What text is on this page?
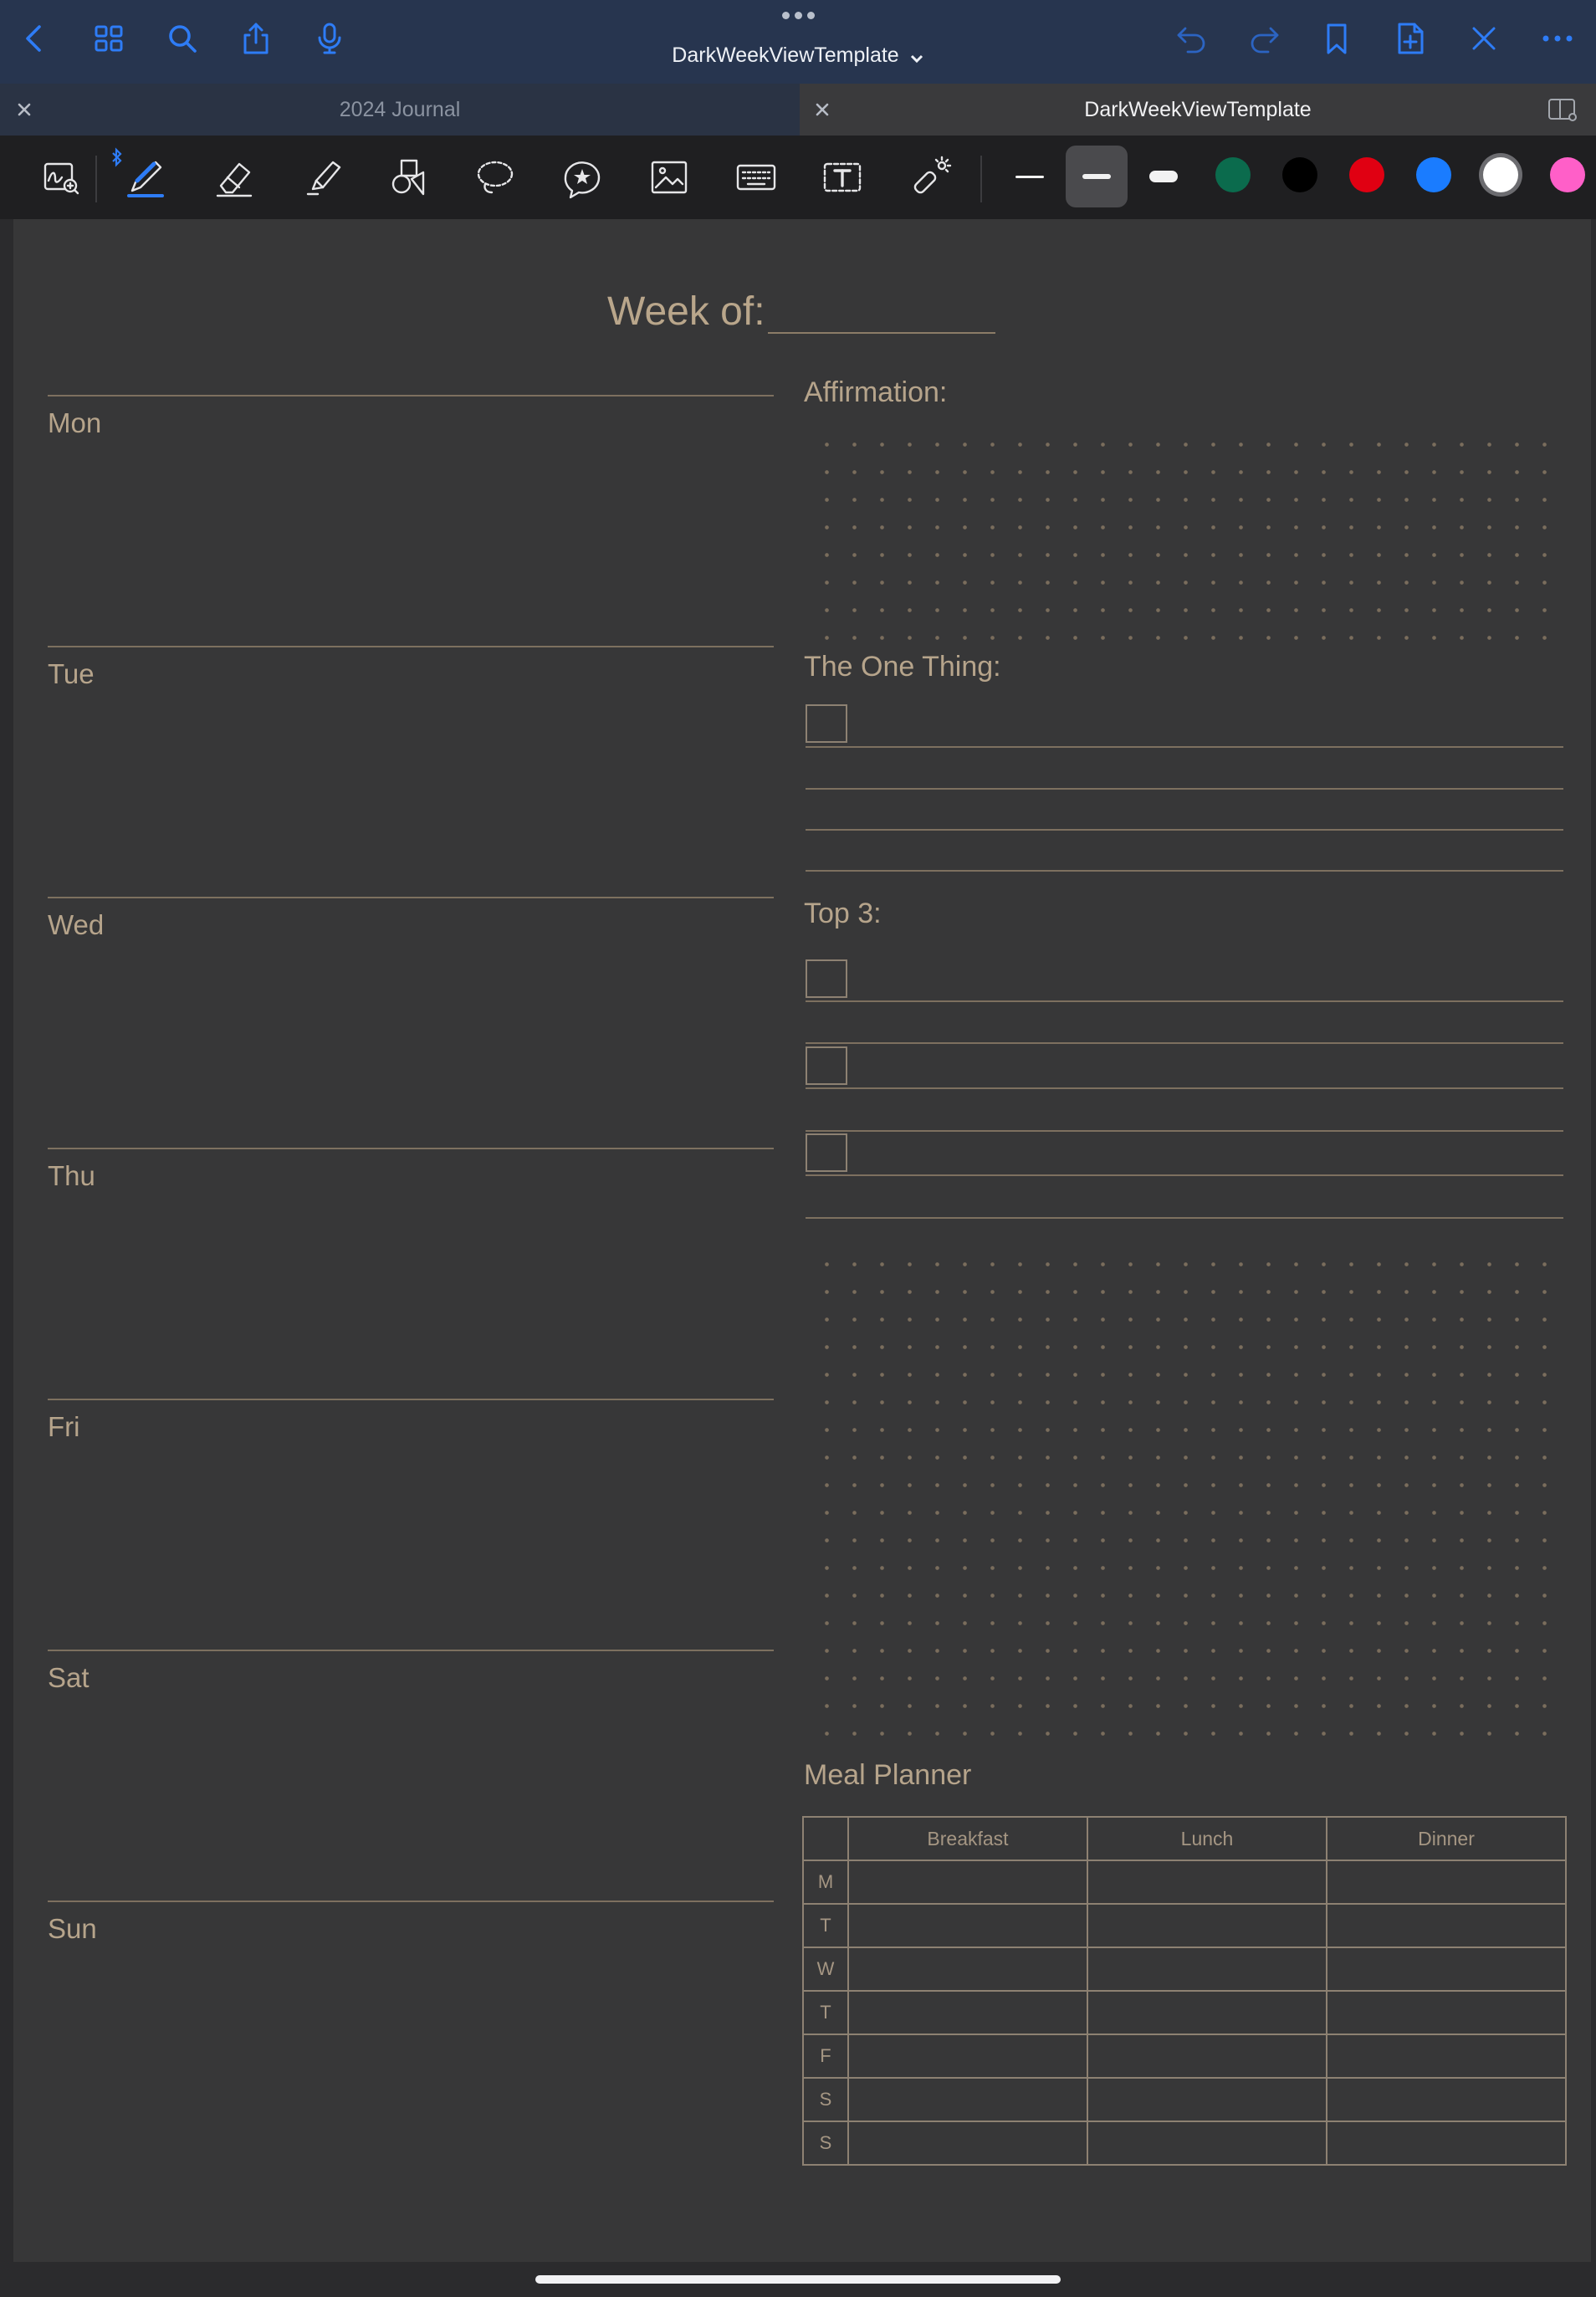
DarkWeekViewTemplate
2024 Journal	DarkWeekViewTemplate
Week of:
Mon
Tue
Wed
Thu
Fri
Sat
Sun
Affirmation:
The One Thing:
Top 3:
Meal Planner
	Breakfast	Lunch	Dinner
M			
T			
W			
T			
F			
S			
S			
